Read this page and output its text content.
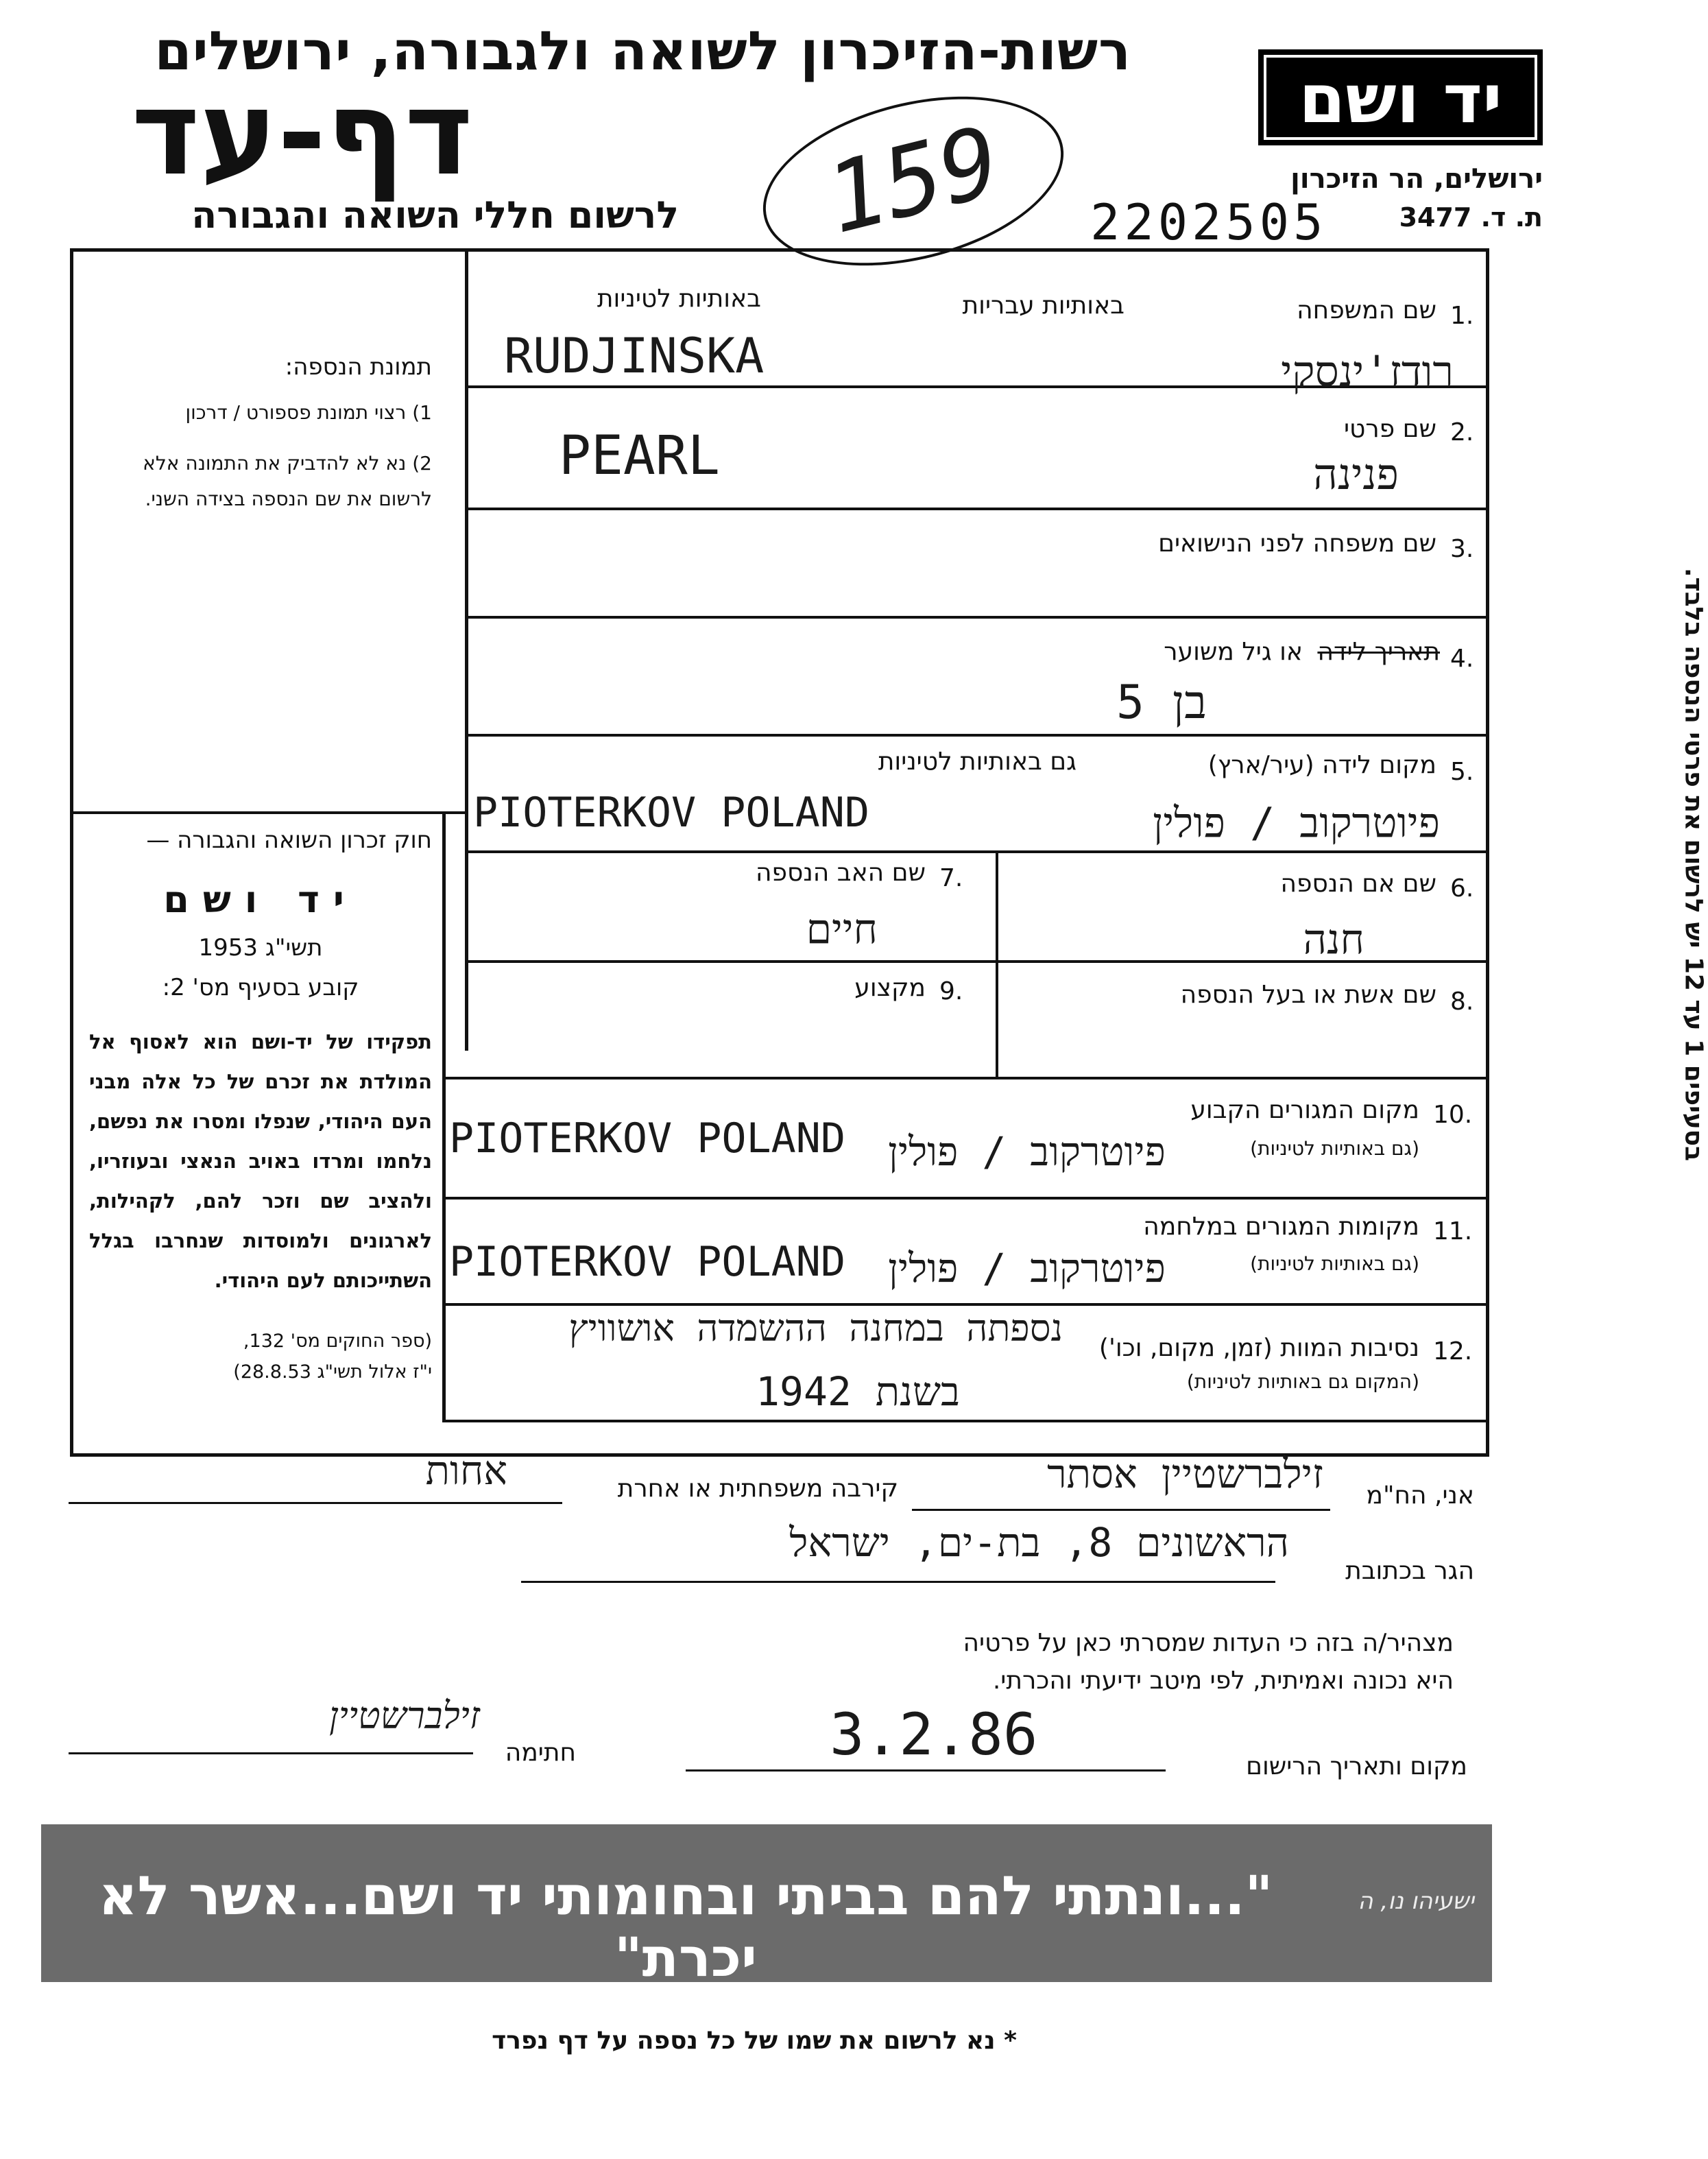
רשות-הזיכרון לשואה ולגבורה, ירושלים
דף-עד
לרשום חללי השואה והגבורה
יד ושם
ירושלים, הר הזיכרון
ת. ד. 3477
2202505
159
תמונת הנספה:
1) רצוי תמונת פספורט / דרכון
2) נא לא להדביק את התמונה אלא לרשום את שם הנספה בצידה השני.
חוק זכרון השואה והגבורה —
יד ושם
תשי"ג 1953
קובע בסעיף מס' 2:
תפקידו של יד-ושם הוא לאסוף אל המולדת את זכרם של כל אלה מבני העם היהודי, שנפלו ומסרו את נפשם, נלחמו ומרדו באויב הנאצי ובעוזריו, ולהציב שם וזכר להם, לקהילות, לארגונים ולמוסדות שנחרבו בגלל השתייכותם לעם היהודי.
(ספר החוקים מס' 132,
י"ז אלול תשי"ג 28.8.53)
בסעיפים 1 עד 12 יש לרשום את פרטי הנספה בלבד.
1.
שם המשפחה
באותיות עבריות
באותיות לטיניות
RUDJINSKA	רודז'ינסקי
2.
שם פרטי
PEARL	פנינה
3.
שם משפחה לפני הנישואים
4.
תאריך לידה
או גיל משוער
בן 5
5.
מקום לידה (עיר/ארץ)
גם באותיות לטיניות
PIOTERKOV POLAND	פיוטרקוב / פולין
6.
שם אם הנספה
חנה
7.
שם האב הנספה
חיים
8.
שם אשת או בעל הנספה
9.
מקצוע
10.
מקום המגורים הקבוע
(גם באותיות לטיניות)
PIOTERKOV POLAND	פיוטרקוב / פולין
11.
מקומות המגורים במלחמה
(גם באותיות לטיניות)
PIOTERKOV POLAND	פיוטרקוב / פולין
12.
נסיבות המוות (זמן, מקום, וכו')
(המקום גם באותיות לטיניות)
נספתה במחנה ההשמדה אושוויץ
בשנת 1942
אני, הח"מ
זילברשטיין אסתר
קירבה משפחתית או אחרת
אחות
הגר בכתובת
הראשונים 8, בת-ים, ישראל
מצהיר/ה בזה כי העדות שמסרתי כאן על פרטיה
היא נכונה ואמיתית, לפי מיטב ידיעתי והכרתי.
חתימה
זילברשטיין
מקום ותאריך הרישום
3.2.86
"...ונתתי להם בביתי ובחומותי יד ושם...אשר לא יכרת"
ישעיהו נו, ה
* נא לרשום את שמו של כל נספה על דף נפרד
